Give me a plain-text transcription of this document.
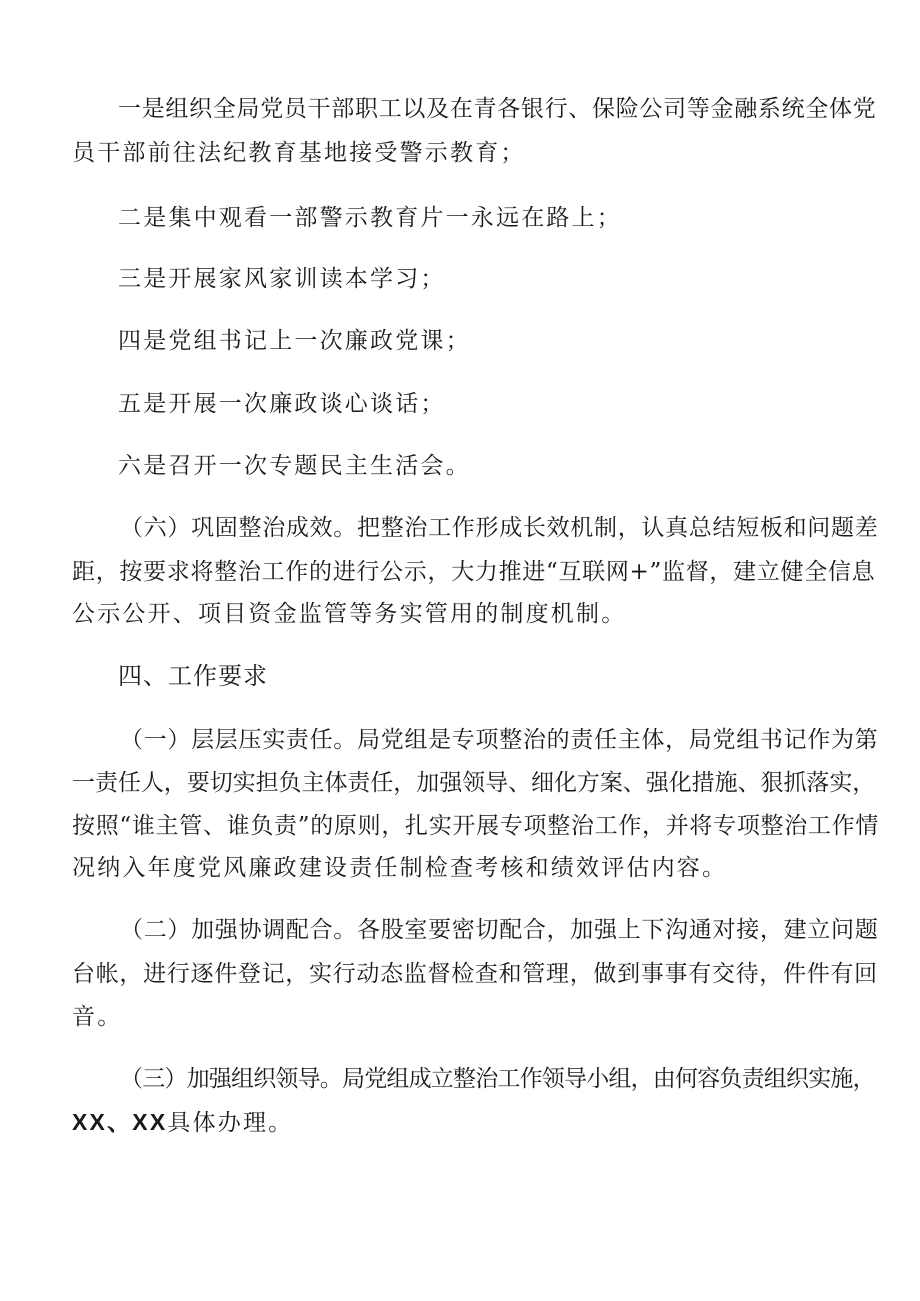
一是组织全局党员干部职工以及在青各银行、保险公司等金融系统全体党
员干部前往法纪教育基地接受警示教育；
二是集中观看一部警示教育片一永远在路上；
三是开展家风家训读本学习；
四是党组书记上一次廉政党课；
五是开展一次廉政谈心谈话；
六是召开一次专题民主生活会。
（六）巩固整治成效。把整治工作形成长效机制，认真总结短板和问题差
距，按要求将整治工作的进行公示，大力推进“互联网+”监督，建立健全信息
公示公开、项目资金监管等务实管用的制度机制。
四、工作要求
（一）层层压实责任。局党组是专项整治的责任主体，局党组书记作为第
一责任人，要切实担负主体责任，加强领导、细化方案、强化措施、狠抓落实，
按照“谁主管、谁负责”的原则，扎实开展专项整治工作，并将专项整治工作情
况纳入年度党风廉政建设责任制检查考核和绩效评估内容。
（二）加强协调配合。各股室要密切配合，加强上下沟通对接，建立问题
台帐，进行逐件登记，实行动态监督检查和管理，做到事事有交待，件件有回
音。
（三）加强组织领导。局党组成立整治工作领导小组，由何容负责组织实施，
XX、XX具体办理。
